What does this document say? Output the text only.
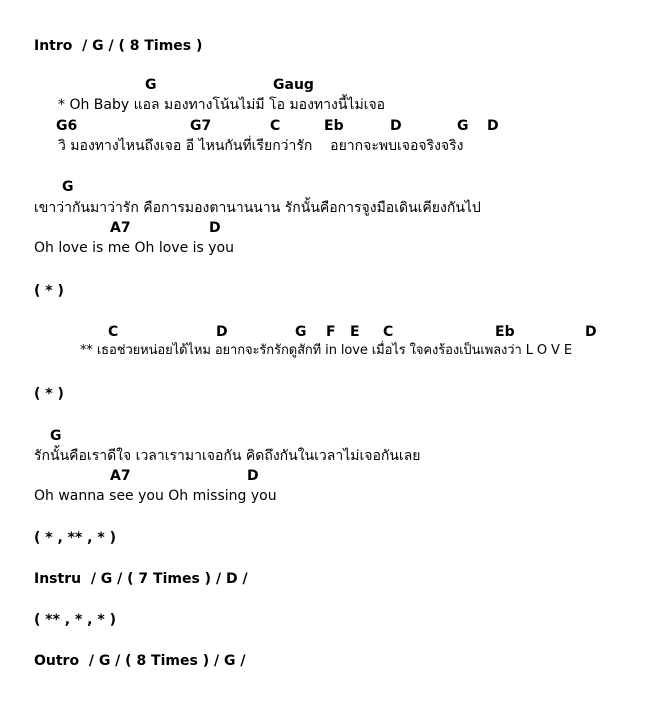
Intro  / G / ( 8 Times )
G	Gaug
* Oh Baby แอล มองทางโน้นไม่มี โอ มองทางนี้ไม่เจอ
G6	G7	C	Eb	D	G D
วิ มองทางไหนถึงเจอ อี ไหนกันที่เรียกว่ารัก    อยากจะพบเจอจริงจริง
G
เขาว่ากันมาว่ารัก คือการมองตานานนาน รักนั้นคือการจูงมือเดินเคียงกันไป
A7	D
Oh love is me Oh love is you
( * )
C	D	G F E C	Eb	D
** เธอช่วยหน่อยได้ไหม อยากจะรักรักดูสักที in love เมื่อไร ใจคงร้องเป็นเพลงว่า L O V E
( * )
G
รักนั้นคือเราดีใจ เวลาเรามาเจอกัน คิดถึงกันในเวลาไม่เจอกันเลย
A7	D
Oh wanna see you Oh missing you
( * , ** , * )
Instru  / G / ( 7 Times ) / D /
( ** , * , * )
Outro  / G / ( 8 Times ) / G /
